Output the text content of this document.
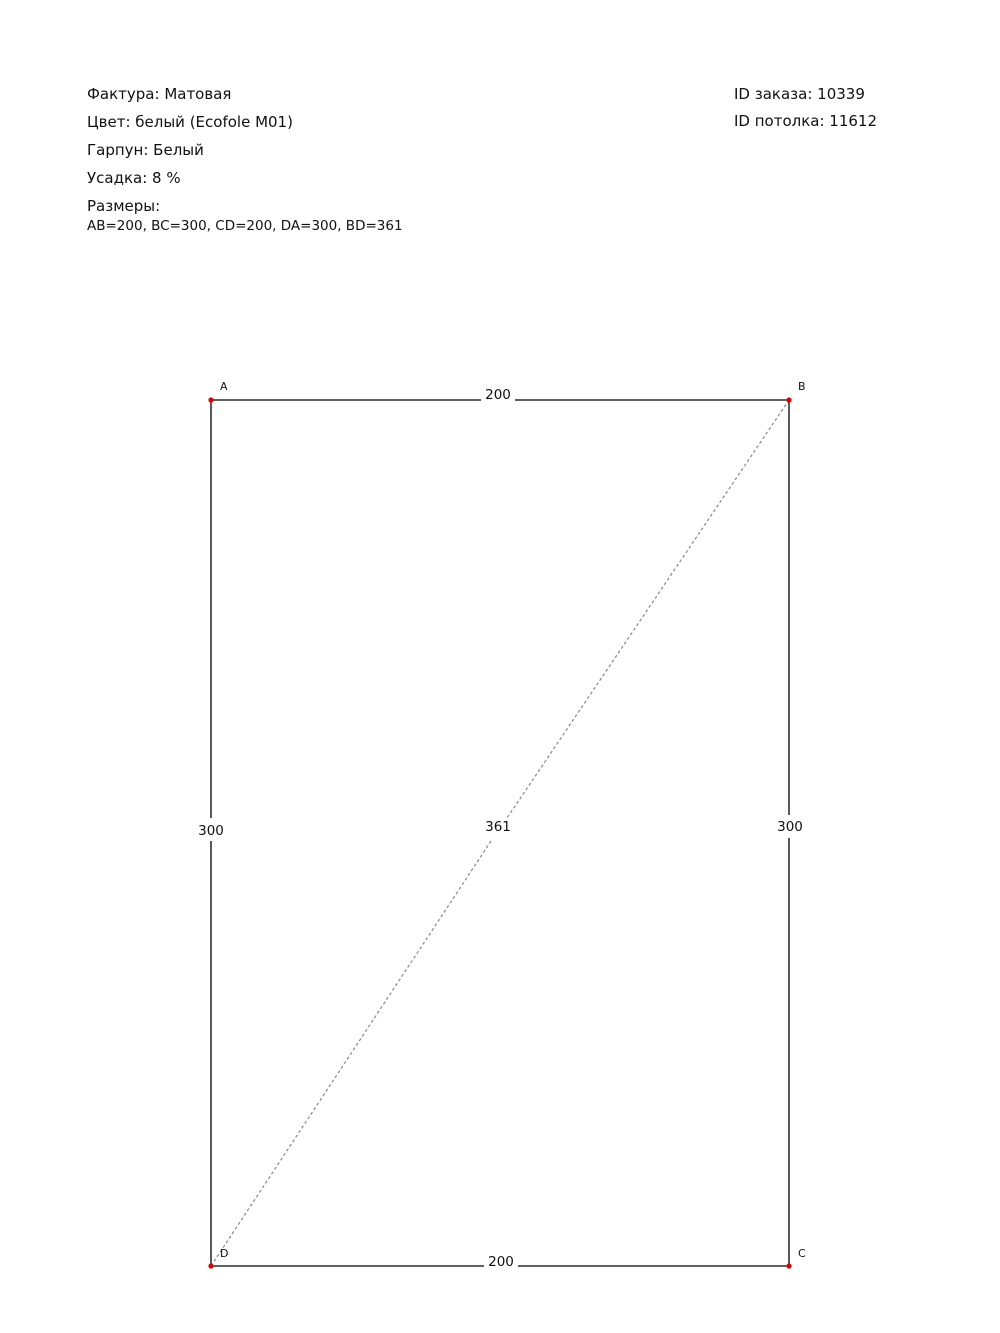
Фактура: Матовая
Цвет: белый (Ecofole M01)
Гарпун: Белый
Усадка: 8 %
Размеры:
AB=200, BC=300, CD=200, DA=300, BD=361
ID заказа: 10339
ID потолка: 11612
A	B
C
D
200
300
200
300	361
